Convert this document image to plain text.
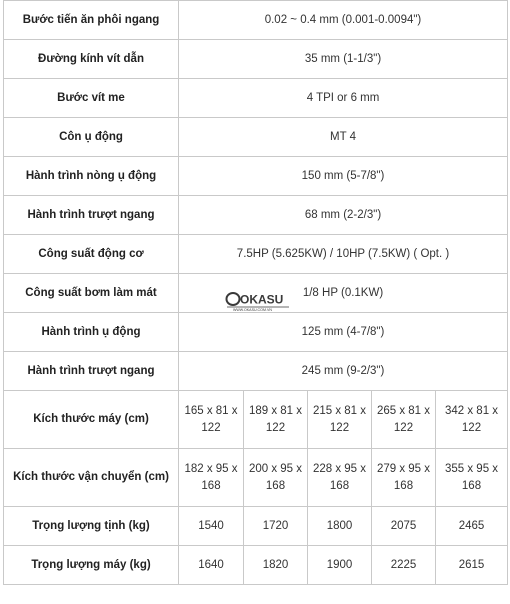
Bước tiến ăn phôi ngang	0.02 ~ 0.4 mm (0.001-0.0094")				
Đường kính vít dẫn	35 mm (1-1/3")				
Bước vít me	4 TPI or 6 mm				
Côn ụ động	MT 4				
Hành trình nòng ụ động	150 mm (5-7/8")				
Hành trình trượt ngang	68 mm (2-2/3")				
Công suất động cơ	7.5HP (5.625KW) / 10HP (7.5KW) ( Opt. )				
Công suất bơm làm mát	1/8 HP (0.1KW)				
Hành trình ụ động	125 mm (4-7/8")				
Hành trình trượt ngang	245 mm (9-2/3")				
Kích thước máy (cm)	165 x 81 x 122	189 x 81 x 122	215 x 81 x 122	265 x 81 x 122	342 x 81 x 122
Kích thước vận chuyển (cm)	182 x 95 x 168	200 x 95 x 168	228 x 95 x 168	279 x 95 x 168	355 x 95 x 168
Trọng lượng tịnh (kg)	1540	1720	1800	2075	2465
Trọng lượng máy (kg)	1640	1820	1900	2225	2615
OKASU
WWW.OKASU.COM.VN
